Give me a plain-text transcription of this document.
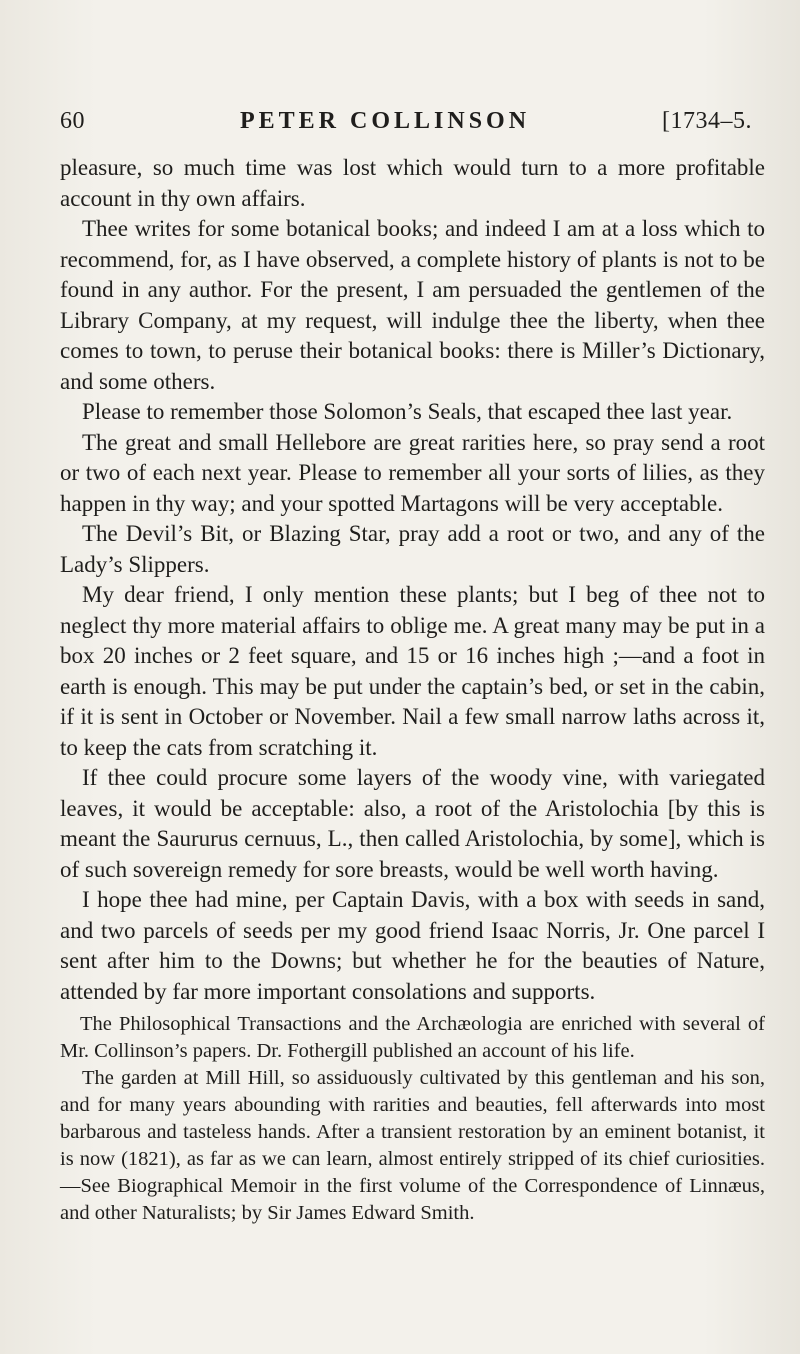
60	PETER COLLINSON	[1734–5.

pleasure, so much time was lost which would turn to a more profitable account in thy own affairs.

Thee writes for some botanical books; and indeed I am at a loss which to recommend, for, as I have observed, a complete history of plants is not to be found in any author. For the present, I am persuaded the gentlemen of the Library Company, at my request, will indulge thee the liberty, when thee comes to town, to peruse their botanical books: there is Miller’s Dictionary, and some others.

Please to remember those Solomon’s Seals, that escaped thee last year.

The great and small Hellebore are great rarities here, so pray send a root or two of each next year. Please to remember all your sorts of lilies, as they happen in thy way; and your spotted Martagons will be very acceptable.

The Devil’s Bit, or Blazing Star, pray add a root or two, and any of the Lady’s Slippers.

My dear friend, I only mention these plants; but I beg of thee not to neglect thy more material affairs to oblige me. A great many may be put in a box 20 inches or 2 feet square, and 15 or 16 inches high ;—and a foot in earth is enough. This may be put under the captain’s bed, or set in the cabin, if it is sent in October or November. Nail a few small narrow laths across it, to keep the cats from scratching it.

If thee could procure some layers of the woody vine, with variegated leaves, it would be acceptable: also, a root of the Aristolochia [by this is meant the Saururus cernuus, L., then called Aristolochia, by some], which is of such sovereign remedy for sore breasts, would be well worth having.

I hope thee had mine, per Captain Davis, with a box with seeds in sand, and two parcels of seeds per my good friend Isaac Norris, Jr. One parcel I sent after him to the Downs; but whether he for the beauties of Nature, attended by far more important consolations and supports.

The Philosophical Transactions and the Archæologia are enriched with several of Mr. Collinson’s papers. Dr. Fothergill published an account of his life.

The garden at Mill Hill, so assiduously cultivated by this gentleman and his son, and for many years abounding with rarities and beauties, fell afterwards into most barbarous and tasteless hands. After a transient restoration by an eminent botanist, it is now (1821), as far as we can learn, almost entirely stripped of its chief curiosities.—See Biographical Memoir in the first volume of the Correspondence of Linnæus, and other Naturalists; by Sir James Edward Smith.
